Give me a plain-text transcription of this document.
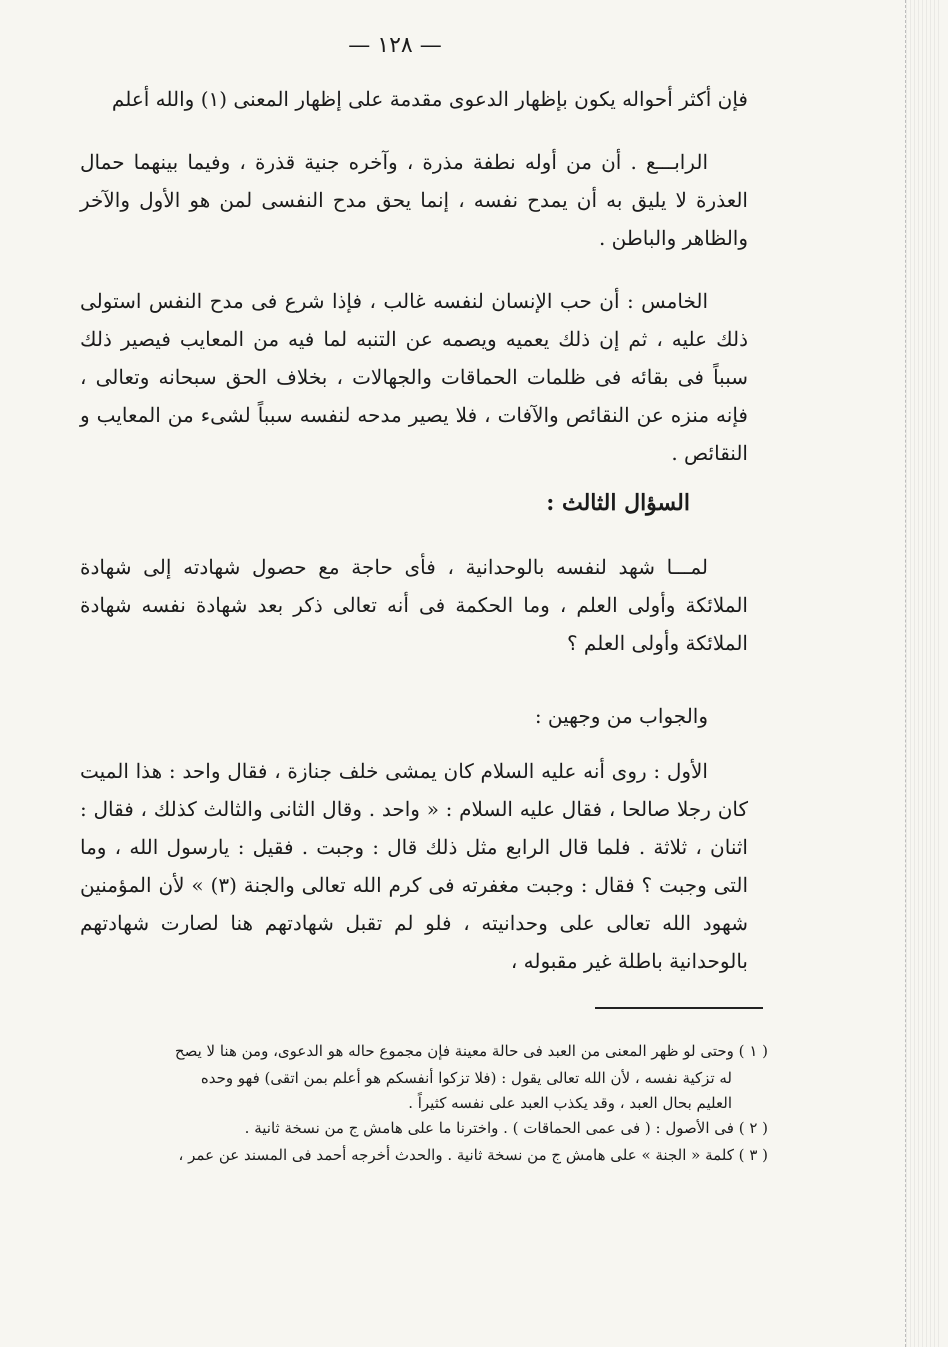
— ١٢٨ —

فإن أكثر أحواله يكون بإظهار الدعوى مقدمة على إظهار المعنى (١) والله أعلم

الرابـــع . أن من أوله نطفة مذرة ، وآخره جنية قذرة ، وفيما بينهما حمال العذرة لا يليق به أن يمدح نفسه ، إنما يحق مدح النفسى لمن هو الأول والآخر والظاهر والباطن .

الخامس : أن حب الإنسان لنفسه غالب ، فإذا شرع فى مدح النفس استولى ذلك عليه ، ثم إن ذلك يعميه ويصمه عن التنبه لما فيه من المعايب فيصير ذلك سبباً فى بقائه فى ظلمات الحماقات والجهالات ، بخلاف الحق سبحانه وتعالى ، فإنه منزه عن النقائص والآفات ، فلا يصير مدحه لنفسه سبباً لشىء من المعايب و النقائص .

السؤال الثالث :

لمـــا شهد لنفسه بالوحدانية ، فأى حاجة مع حصول شهادته إلى شهادة الملائكة وأولى العلم ، وما الحكمة فى أنه تعالى ذكر بعد شهادة نفسه شهادة الملائكة وأولى العلم ؟

والجواب من وجهين :

الأول : روى أنه عليه السلام كان يمشى خلف جنازة ، فقال واحد : هذا الميت كان رجلا صالحا ، فقال عليه السلام : « واحد . وقال الثانى والثالث كذلك ، فقال : اثنان ، ثلاثة . فلما قال الرابع مثل ذلك قال : وجبت . فقيل : يارسول الله ، وما التى وجبت ؟ فقال : وجبت مغفرته فى كرم الله تعالى والجنة (٣) » لأن المؤمنين شهود الله تعالى على وحدانيته ، فلو لم تقبل شهادتهم هنا لصارت شهادتهم بالوحدانية باطلة غير مقبوله ،

( ١ ) وحتى لو ظهر المعنى من العبد فى حالة معينة فإن مجموع حاله هو الدعوى، ومن هنا لا يصح

له تزكية نفسه ، لأن الله تعالى يقول : (فلا تزكوا أنفسكم هو أعلم بمن اتقى) فهو وحده

العليم بحال العبد ، وقد يكذب العبد على نفسه كثيراً .

( ٢ ) فى الأصول : ( فى عمى الحماقات ) . واخترنا ما على هامش ج من نسخة ثانية .

( ٣ ) كلمة « الجنة » على هامش ج من نسخة ثانية . والحدث أخرجه أحمد فى المسند عن عمر ،
